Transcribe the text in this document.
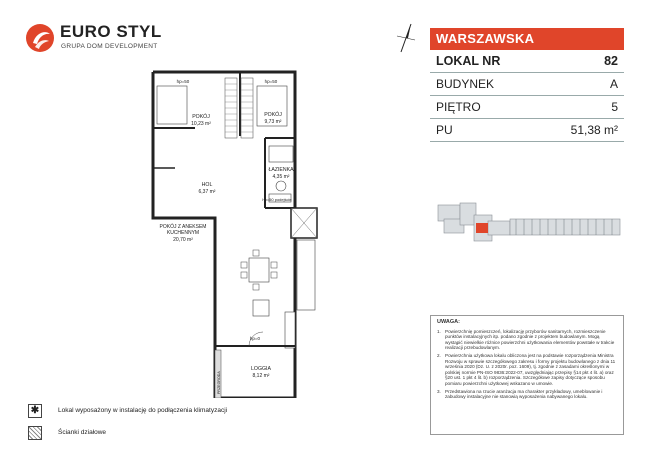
EURO STYL
GRUPA DOM DEVELOPMENT
WARSZAWSKA
LOKAL NR	82
BUDYNEK	A
PIĘTRO	5
PU	51,38 m²
hp=50	hp=50
POKÓJ
10,23 m²
POKÓJ
9,73 m²
ŁAZIENKA
4,35 m²
HOL
6,37 m²
hp=50 podejście
POKÓJ Z ANEKSEM
KUCHENNYM
20,70 m²
hp=0
LOGGIA
8,12 m²
PRZEGRODA
UWAGA:
1. Powierzchnię pomieszczeń, lokalizację przyborów sanitarnych, rozmieszczenie punktów instalacyjnych itp. podano zgodnie z projektem budowlanym. Mogą wystąpić niewielkie różnice powierzchni użytkowania elementów powstałe w trakcie realizacji przebudowlanym.
2. Powierzchnia użytkowa lokalu obliczona jest na podstawie rozporządzenia Ministra Rozwoju w sprawie szczegółowego zakresu i formy projektu budowlanego z dnia 11 września 2020 (Dz. U. z 2020r. poz. 1609), tj. zgodnie z zasadami określonymi w polskiej normie PN-ISO 9836:2022-07, uwzględniając przepisy §14 pkt 4 lit. a) oraz §20 ust. 1 pkt 4 lit. b) rozporządzenia. Szczegółowe zapisy dotyczące sposobu pomiaru powierzchni użytkowej wskazano w umowie.
3. Przedstawiona na rzucie aranżacja ma charakter przykładowy, umeblowanie i zabudowy instalacyjne nie stanowią wyposażenia nabywanego lokalu.
✱	Lokal wyposażony w instalację do podłączenia klimatyzacji
Ścianki działowe
